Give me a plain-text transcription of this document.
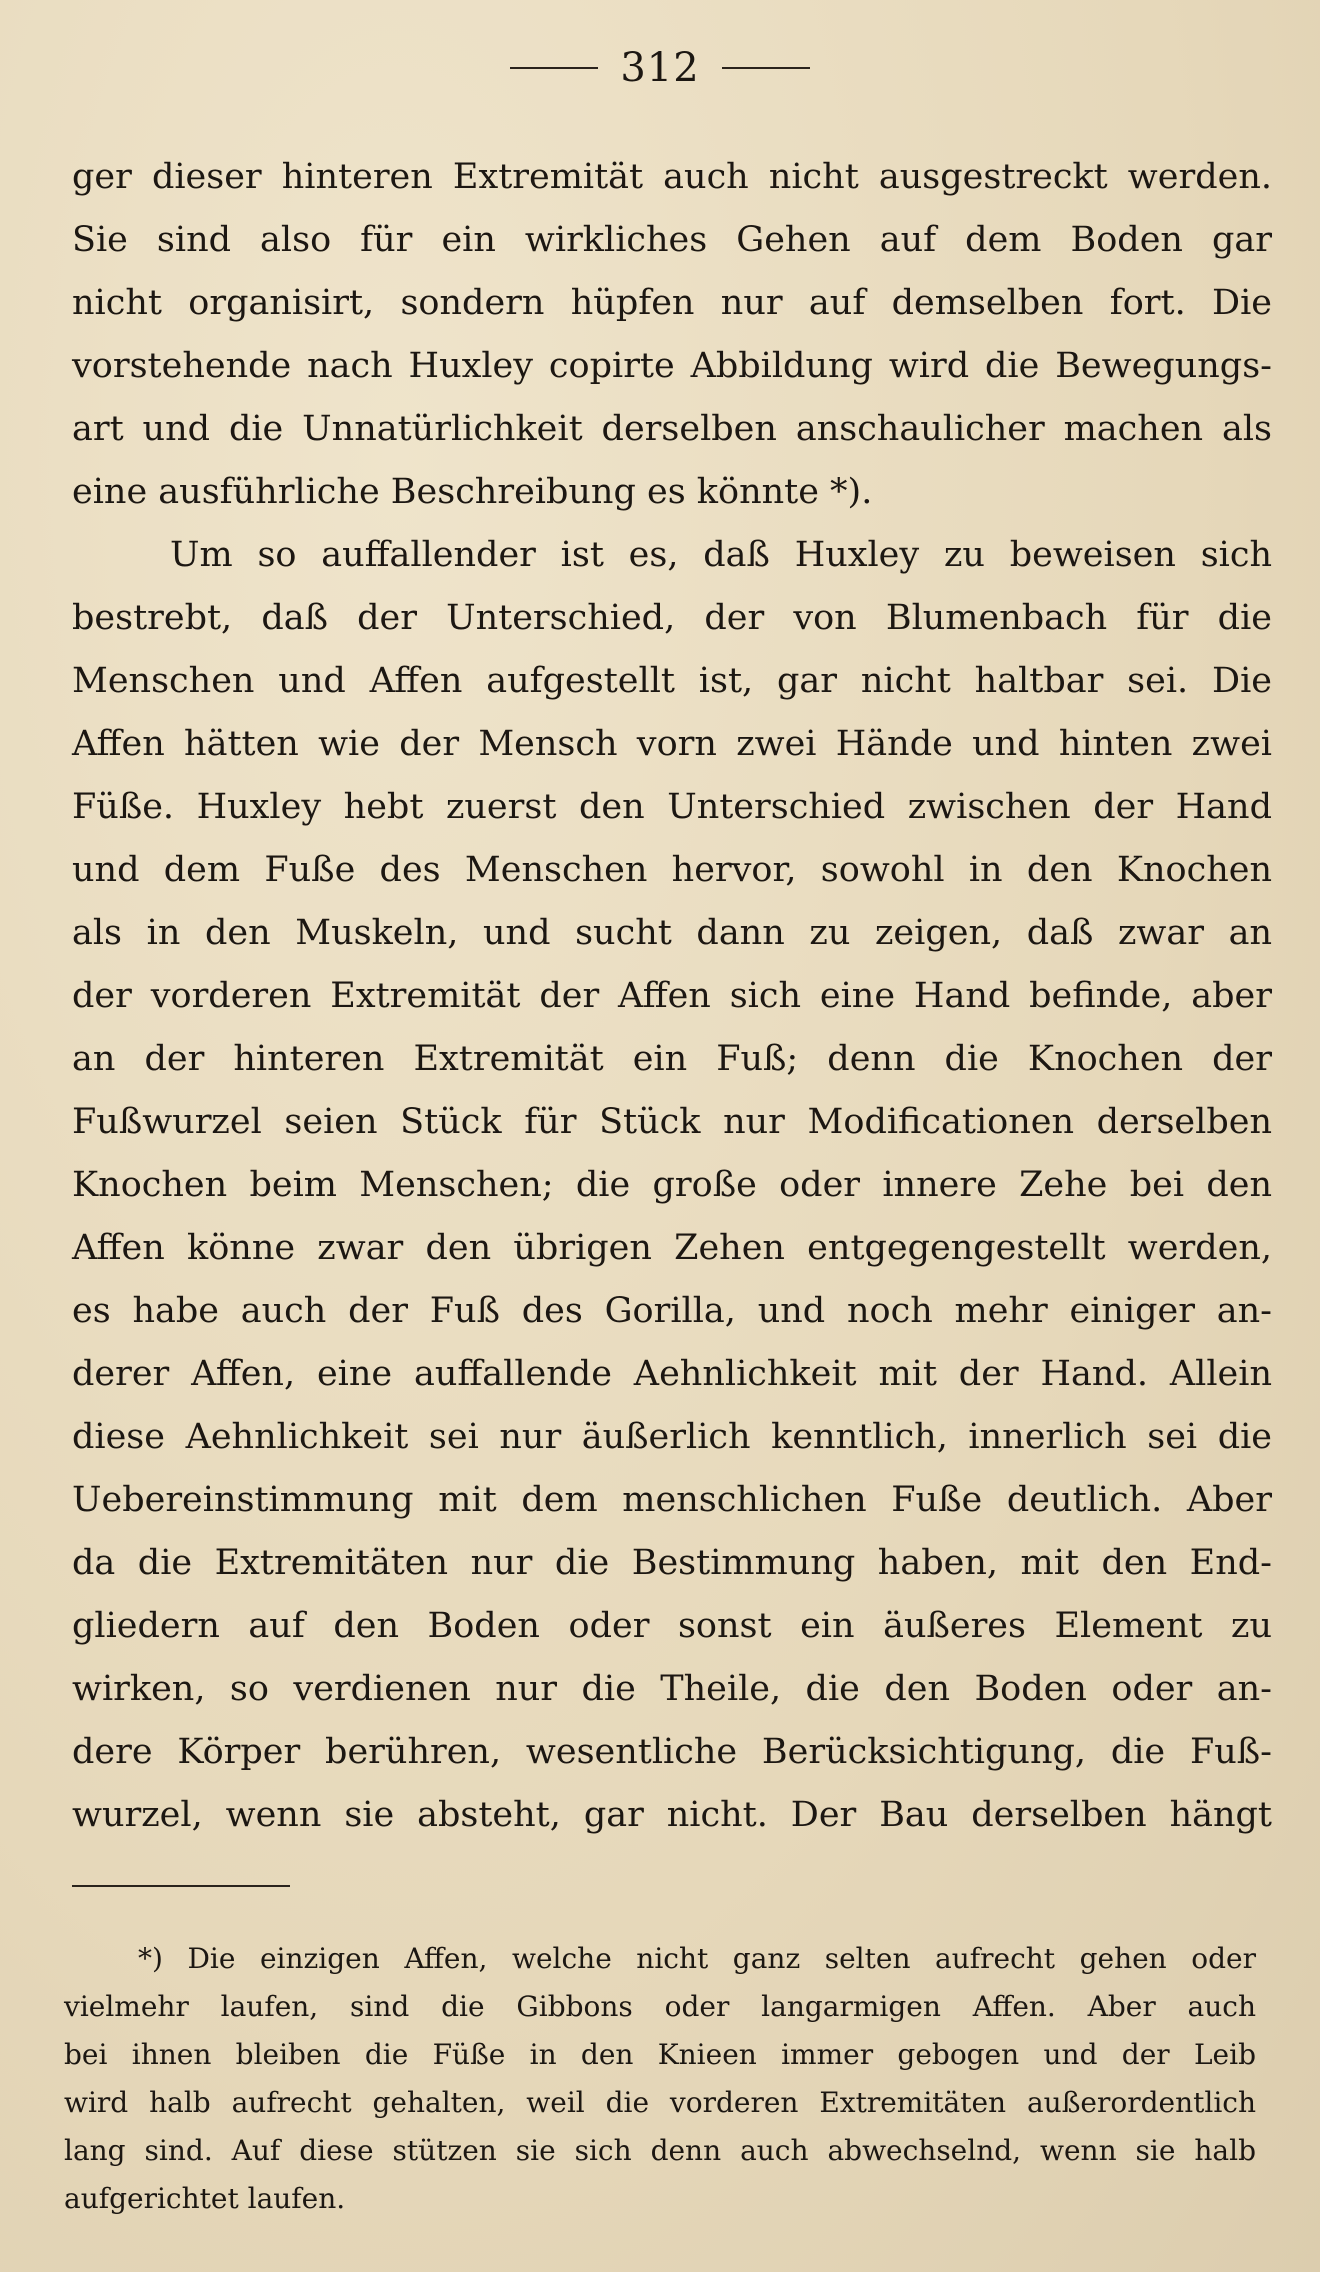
312
ger dieser hinteren Extremität auch nicht ausgestreckt werden.
Sie sind also für ein wirkliches Gehen auf dem Boden gar
nicht organisirt, sondern hüpfen nur auf demselben fort. Die
vorstehende nach Huxley copirte Abbildung wird die Bewegungs-
art und die Unnatürlichkeit derselben anschaulicher machen als
eine ausführliche Beschreibung es könnte *).
Um so auffallender ist es, daß Huxley zu beweisen sich
bestrebt, daß der Unterschied, der von Blumenbach für die
Menschen und Affen aufgestellt ist, gar nicht haltbar sei. Die
Affen hätten wie der Mensch vorn zwei Hände und hinten zwei
Füße. Huxley hebt zuerst den Unterschied zwischen der Hand
und dem Fuße des Menschen hervor, sowohl in den Knochen
als in den Muskeln, und sucht dann zu zeigen, daß zwar an
der vorderen Extremität der Affen sich eine Hand befinde, aber
an der hinteren Extremität ein Fuß; denn die Knochen der
Fußwurzel seien Stück für Stück nur Modificationen derselben
Knochen beim Menschen; die große oder innere Zehe bei den
Affen könne zwar den übrigen Zehen entgegengestellt werden,
es habe auch der Fuß des Gorilla, und noch mehr einiger an-
derer Affen, eine auffallende Aehnlichkeit mit der Hand. Allein
diese Aehnlichkeit sei nur äußerlich kenntlich, innerlich sei die
Uebereinstimmung mit dem menschlichen Fuße deutlich. Aber
da die Extremitäten nur die Bestimmung haben, mit den End-
gliedern auf den Boden oder sonst ein äußeres Element zu
wirken, so verdienen nur die Theile, die den Boden oder an-
dere Körper berühren, wesentliche Berücksichtigung, die Fuß-
wurzel, wenn sie absteht, gar nicht. Der Bau derselben hängt
*) Die einzigen Affen, welche nicht ganz selten aufrecht gehen oder
vielmehr laufen, sind die Gibbons oder langarmigen Affen. Aber auch
bei ihnen bleiben die Füße in den Knieen immer gebogen und der Leib
wird halb aufrecht gehalten, weil die vorderen Extremitäten außerordentlich
lang sind. Auf diese stützen sie sich denn auch abwechselnd, wenn sie halb
aufgerichtet laufen.
